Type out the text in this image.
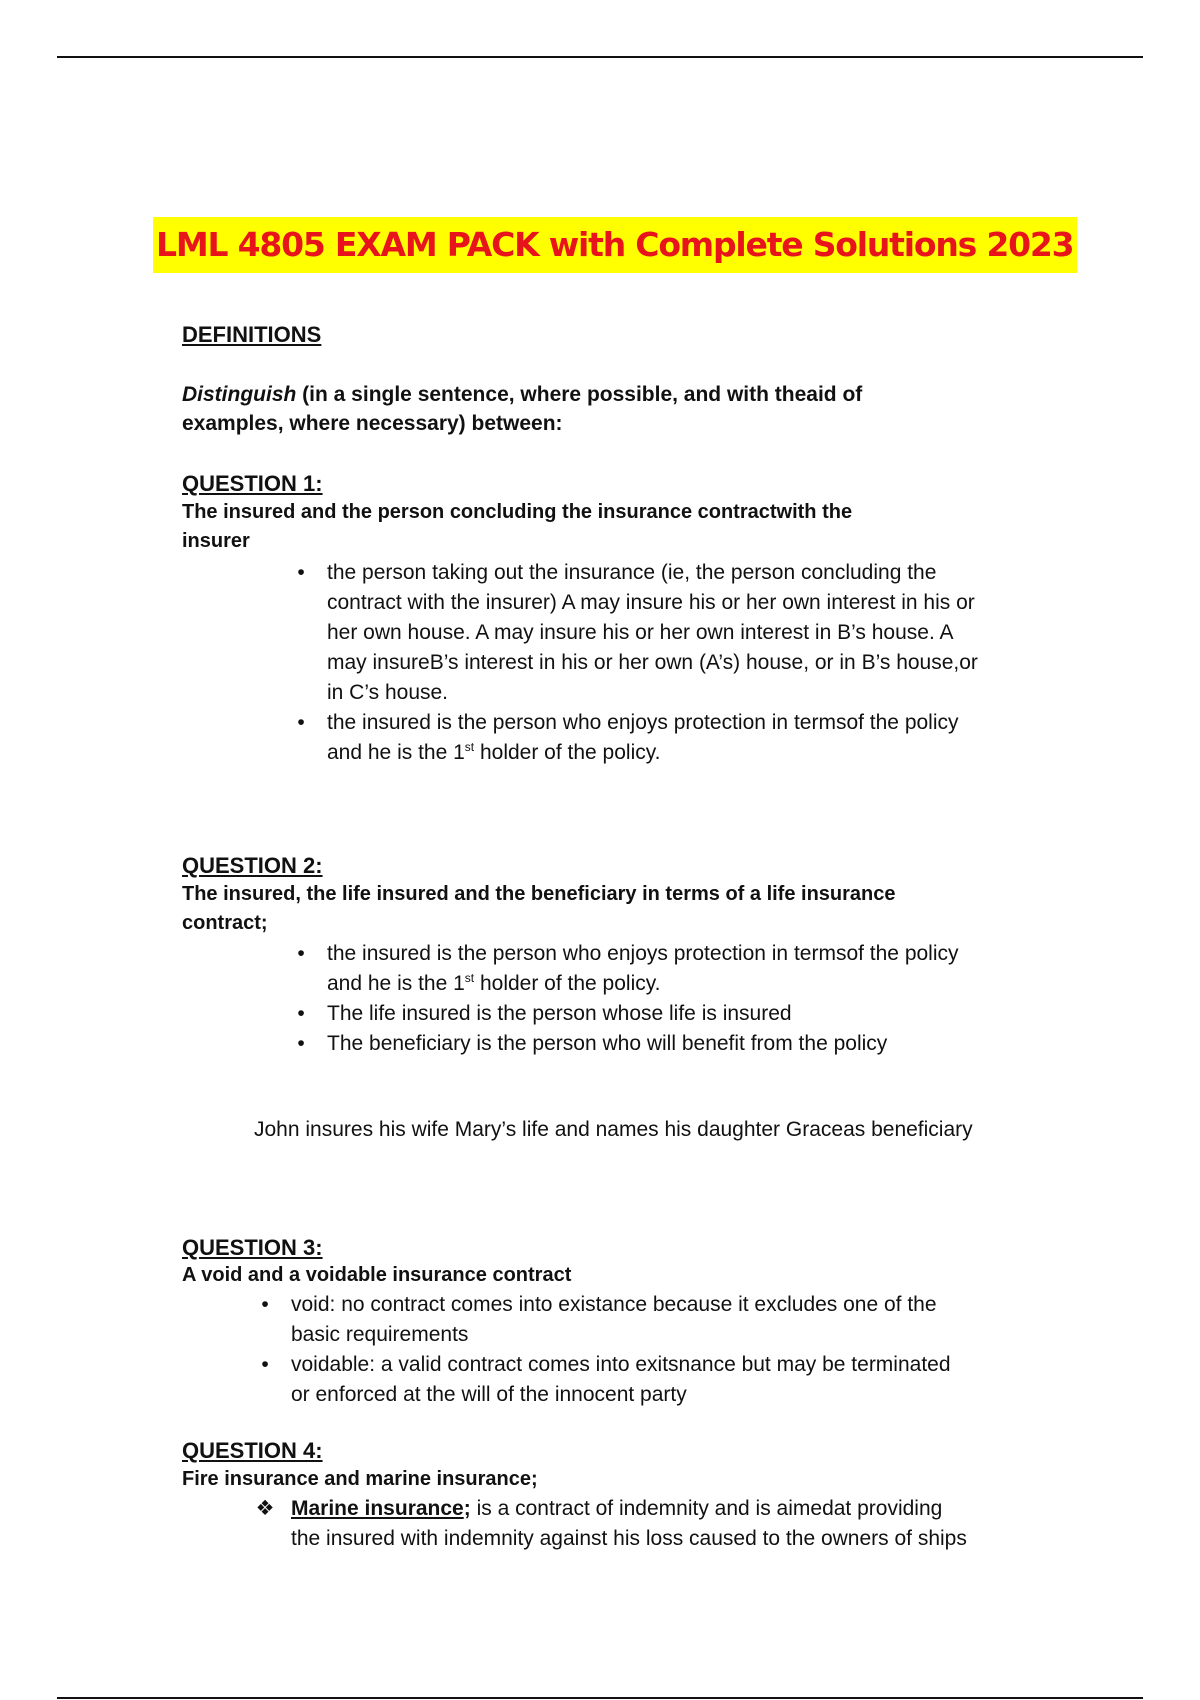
LML 4805 EXAM PACK with Complete Solutions 2023
DEFINITIONS
Distinguish (in a single sentence, where possible, and with theaid of examples, where necessary) between:
QUESTION 1:
The insured and the person concluding the insurance contractwith the insurer
•	the person taking out the insurance (ie, the person concluding the contract with the insurer) A may insure his or her own interest in his or her own house. A may insure his or her own interest in B’s house. A may insureB’s interest in his or her own (A’s) house, or in B’s house,or in C’s house.
•	the insured is the person who enjoys protection in termsof the policy and he is the 1st holder of the policy.
QUESTION 2:
The insured, the life insured and the beneficiary in terms of a life insurance contract;
•	the insured is the person who enjoys protection in termsof the policy and he is the 1st holder of the policy.
•	The life insured is the person whose life is insured
•	The beneficiary is the person who will benefit from the policy
John insures his wife Mary’s life and names his daughter Graceas beneficiary
QUESTION 3:
A void and a voidable insurance contract
•	void: no contract comes into existance because it excludes one of the basic requirements
•	voidable: a valid contract comes into exitsnance but may be terminated or enforced at the will of the innocent party
QUESTION 4:
Fire insurance and marine insurance;
❖ Marine insurance; is a contract of indemnity and is aimedat providing the insured with indemnity against his loss caused to the owners of ships
